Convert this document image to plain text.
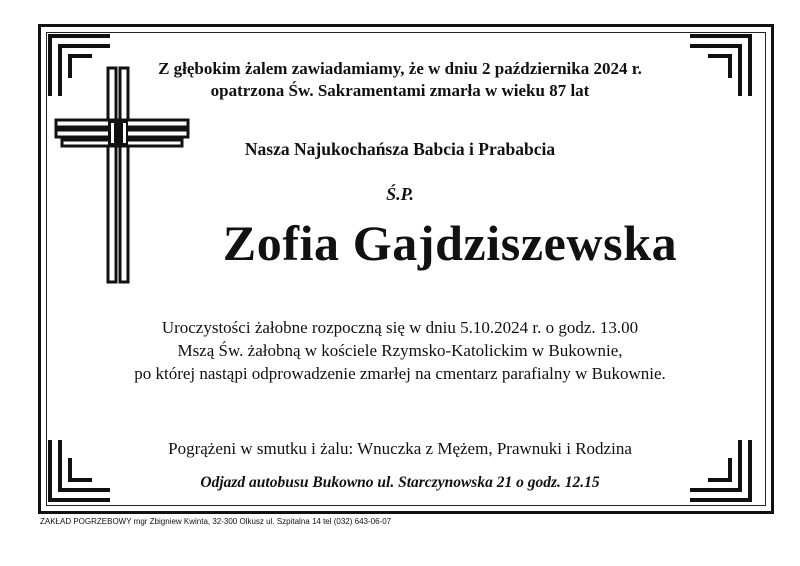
Z głębokim żalem zawiadamiamy, że w dniu 2 października 2024 r.
opatrzona Św. Sakramentami zmarła w wieku 87 lat
Nasza Najukochańsza Babcia i Prababcia
Ś.P.
Zofia Gajdziszewska
Uroczystości żałobne rozpoczną się w dniu 5.10.2024 r. o godz. 13.00
Mszą Św. żałobną w kościele Rzymsko-Katolickim w Bukownie,
po której nastąpi odprowadzenie zmarłej na cmentarz parafialny w Bukownie.
Pogrążeni w smutku i żalu: Wnuczka z Mężem, Prawnuki i Rodzina
Odjazd autobusu Bukowno ul. Starczynowska 21 o godz. 12.15
ZAKŁAD POGRZEBOWY mgr Zbigniew Kwinta, 32-300 Olkusz ul. Szpitalna 14 tel (032) 643-06-07
